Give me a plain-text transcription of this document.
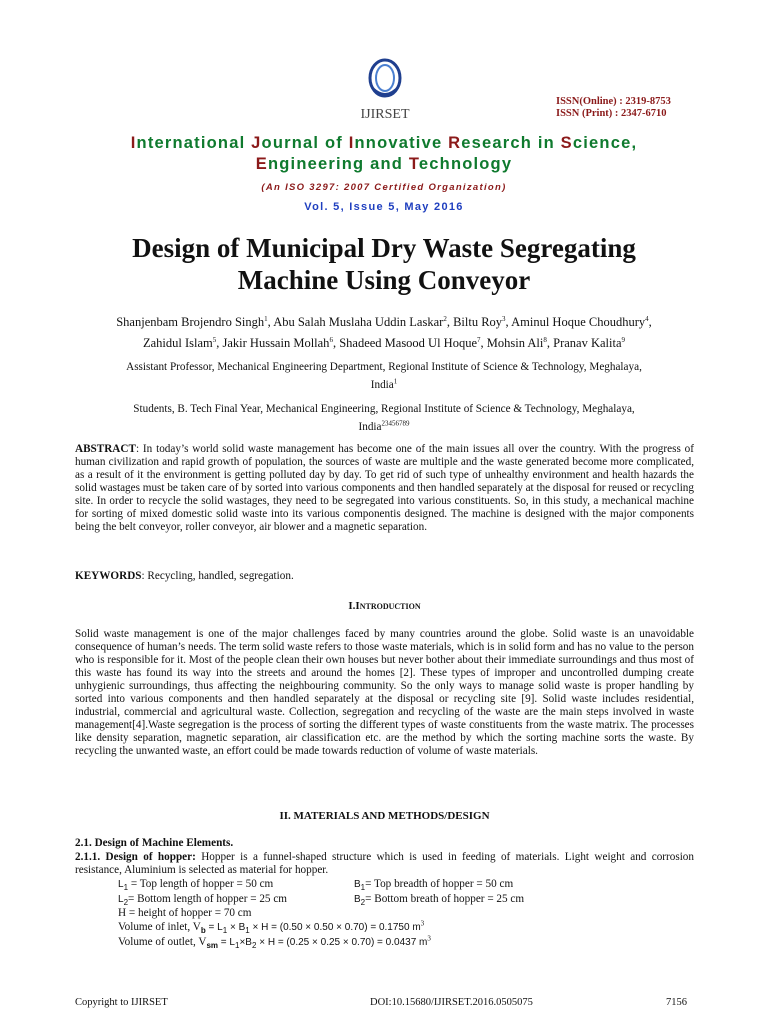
IJIRSET
ISSN(Online) : 2319-8753
ISSN (Print) : 2347-6710
International Journal of Innovative Research in Science,
Engineering and Technology
(An ISO 3297: 2007 Certified Organization)
Vol. 5, Issue 5, May 2016
Design of Municipal Dry Waste Segregating
Machine Using Conveyor
Shanjenbam Brojendro Singh$^1$, Abu Salah Muslaha Uddin Laskar$^2$, Biltu Roy$^3$, Aminul Hoque Choudhury$^4$,
Zahidul Islam$^5$, Jakir Hussain Mollah$^6$, Shadeed Masood Ul Hoque$^7$, Mohsin Ali$^8$, Pranav Kalita$^9$
Assistant Professor, Mechanical Engineering Department, Regional Institute of Science & Technology, Meghalaya,
India$^1$
Students, B. Tech Final Year, Mechanical Engineering, Regional Institute of Science & Technology, Meghalaya,
India$^{23456789}$
ABSTRACT: In today’s world solid waste management has become one of the main issues all over the country. With the progress of human civilization and rapid growth of population, the sources of waste are multiple and the waste generated become more complicated, as a result of it the environment is getting polluted day by day. To get rid of such type of unhealthy environment and health hazards the solid wastages must be taken care of by sorted into various components and then handled separately at the disposal for reused or recycling site. In order to recycle the solid wastages, they need to be segregated into various constituents. So, in this study, a mechanical machine for sorting of mixed domestic solid waste into its various componentis designed. The machine is designed with the major components being the belt conveyor, roller conveyor, air blower and a magnetic separation.
KEYWORDS: Recycling, handled, segregation.
I.Introduction
Solid waste management is one of the major challenges faced by many countries around the globe. Solid waste is an unavoidable consequence of human’s needs. The term solid waste refers to those waste materials, which is in solid form and has no value to the person who is responsible for it. Most of the people clean their own houses but never bother about their immediate surroundings and thus most of this waste has found its way into the streets and around the homes [2]. These types of improper and uncontrolled dumping create unhygienic surroundings, thus affecting the neighbouring community. So the only ways to manage solid waste is proper handling by sorted into various components and then handled separately at the disposal or recycling site [9]. Solid waste includes residential, industrial, commercial and agricultural waste. Collection, segregation and recycling of the waste are the main steps involved in waste management[4].Waste segregation is the process of sorting the different types of waste constituents from the waste matrix. The processes like density separation, magnetic separation, air classification etc. are the method by which the sorting machine sorts the waste. By recycling the unwanted waste, an effort could be made towards reduction of volume of waste materials.
II. MATERIALS AND METHODS/DESIGN
2.1. Design of Machine Elements.
2.1.1. Design of hopper: Hopper is a funnel-shaped structure which is used in feeding of materials. Light weight and corrosion resistance, Aluminium is selected as material for hopper.
$L_1$ = Top length of hopper = 50 cm	$B_1=$ Top breadth of hopper = 50 cm
$L_2=$ Bottom length of hopper = 25 cm	$B_2=$ Bottom breath of hopper = 25 cm
H = height of hopper = 70 cm
Volume of inlet, $V_b = L_1 \times B_1 \times H = (0.50 \times 0.50 \times 0.70) = 0.1750$ $m^3$
Volume of outlet, $V_{sm} = L_1\times B_2 \times H = (0.25 \times 0.25 \times 0.70) = 0.0437$ $m^3$
Copyright to IJIRSET	DOI:10.15680/IJIRSET.2016.0505075	7156
